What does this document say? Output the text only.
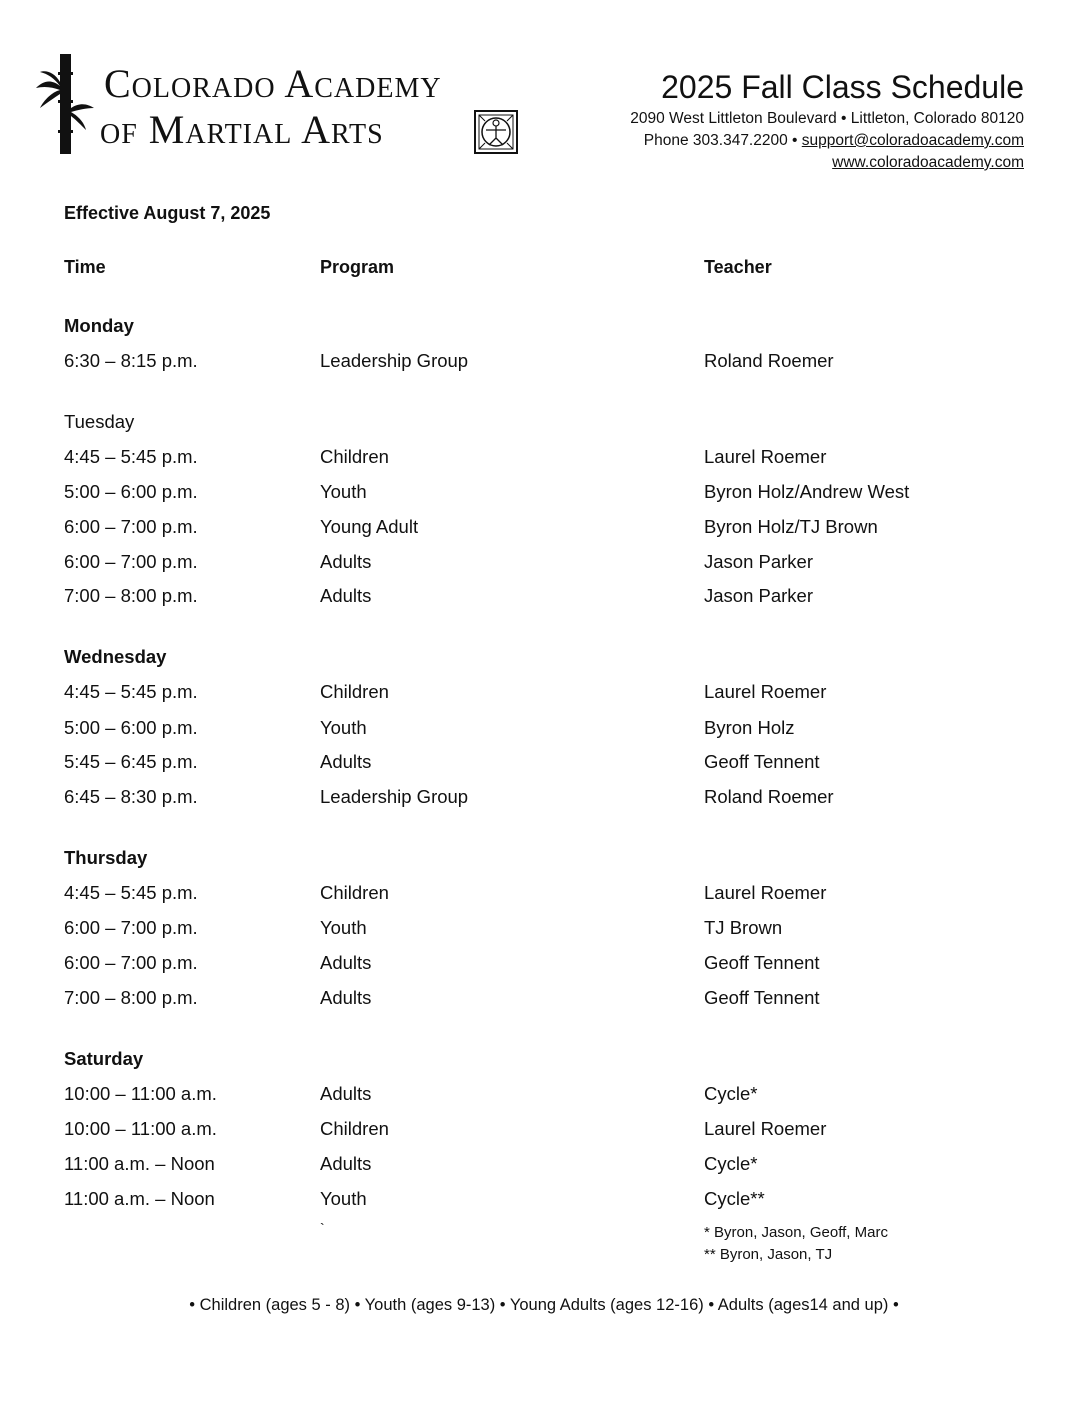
Colorado Academy
of Martial Arts
2025 Fall Class Schedule
2090 West Littleton Boulevard • Littleton, Colorado 80120
Phone 303.347.2200 • support@coloradoacademy.com
www.coloradoacademy.com
Effective August 7, 2025
Time	Program	Teacher
Monday
6:30 – 8:15 p.m.	Leadership Group	Roland Roemer
Tuesday
4:45 – 5:45 p.m.	Children	Laurel Roemer
5:00 – 6:00 p.m.	Youth	Byron Holz/Andrew West
6:00 – 7:00 p.m.	Young Adult	Byron Holz/TJ Brown
6:00 – 7:00 p.m.	Adults	Jason Parker
7:00 – 8:00 p.m.	Adults	Jason Parker
Wednesday
4:45 – 5:45 p.m.	Children	Laurel Roemer
5:00 – 6:00 p.m.	Youth	Byron Holz
5:45 – 6:45 p.m.	Adults	Geoff Tennent
6:45 – 8:30 p.m.	Leadership Group	Roland Roemer
Thursday
4:45 – 5:45 p.m.	Children	Laurel Roemer
6:00 – 7:00 p.m.	Youth	TJ Brown
6:00 – 7:00 p.m.	Adults	Geoff Tennent
7:00 – 8:00 p.m.	Adults	Geoff Tennent
Saturday
10:00 – 11:00 a.m.	Adults	Cycle*
10:00 – 11:00 a.m.	Children	Laurel Roemer
11:00 a.m. – Noon	Adults	Cycle*
11:00 a.m. – Noon	Youth	Cycle**
`	* Byron, Jason, Geoff, Marc
** Byron, Jason, TJ
• Children (ages 5 - 8) • Youth (ages 9-13) • Young Adults (ages 12-16) • Adults (ages14 and up) •
